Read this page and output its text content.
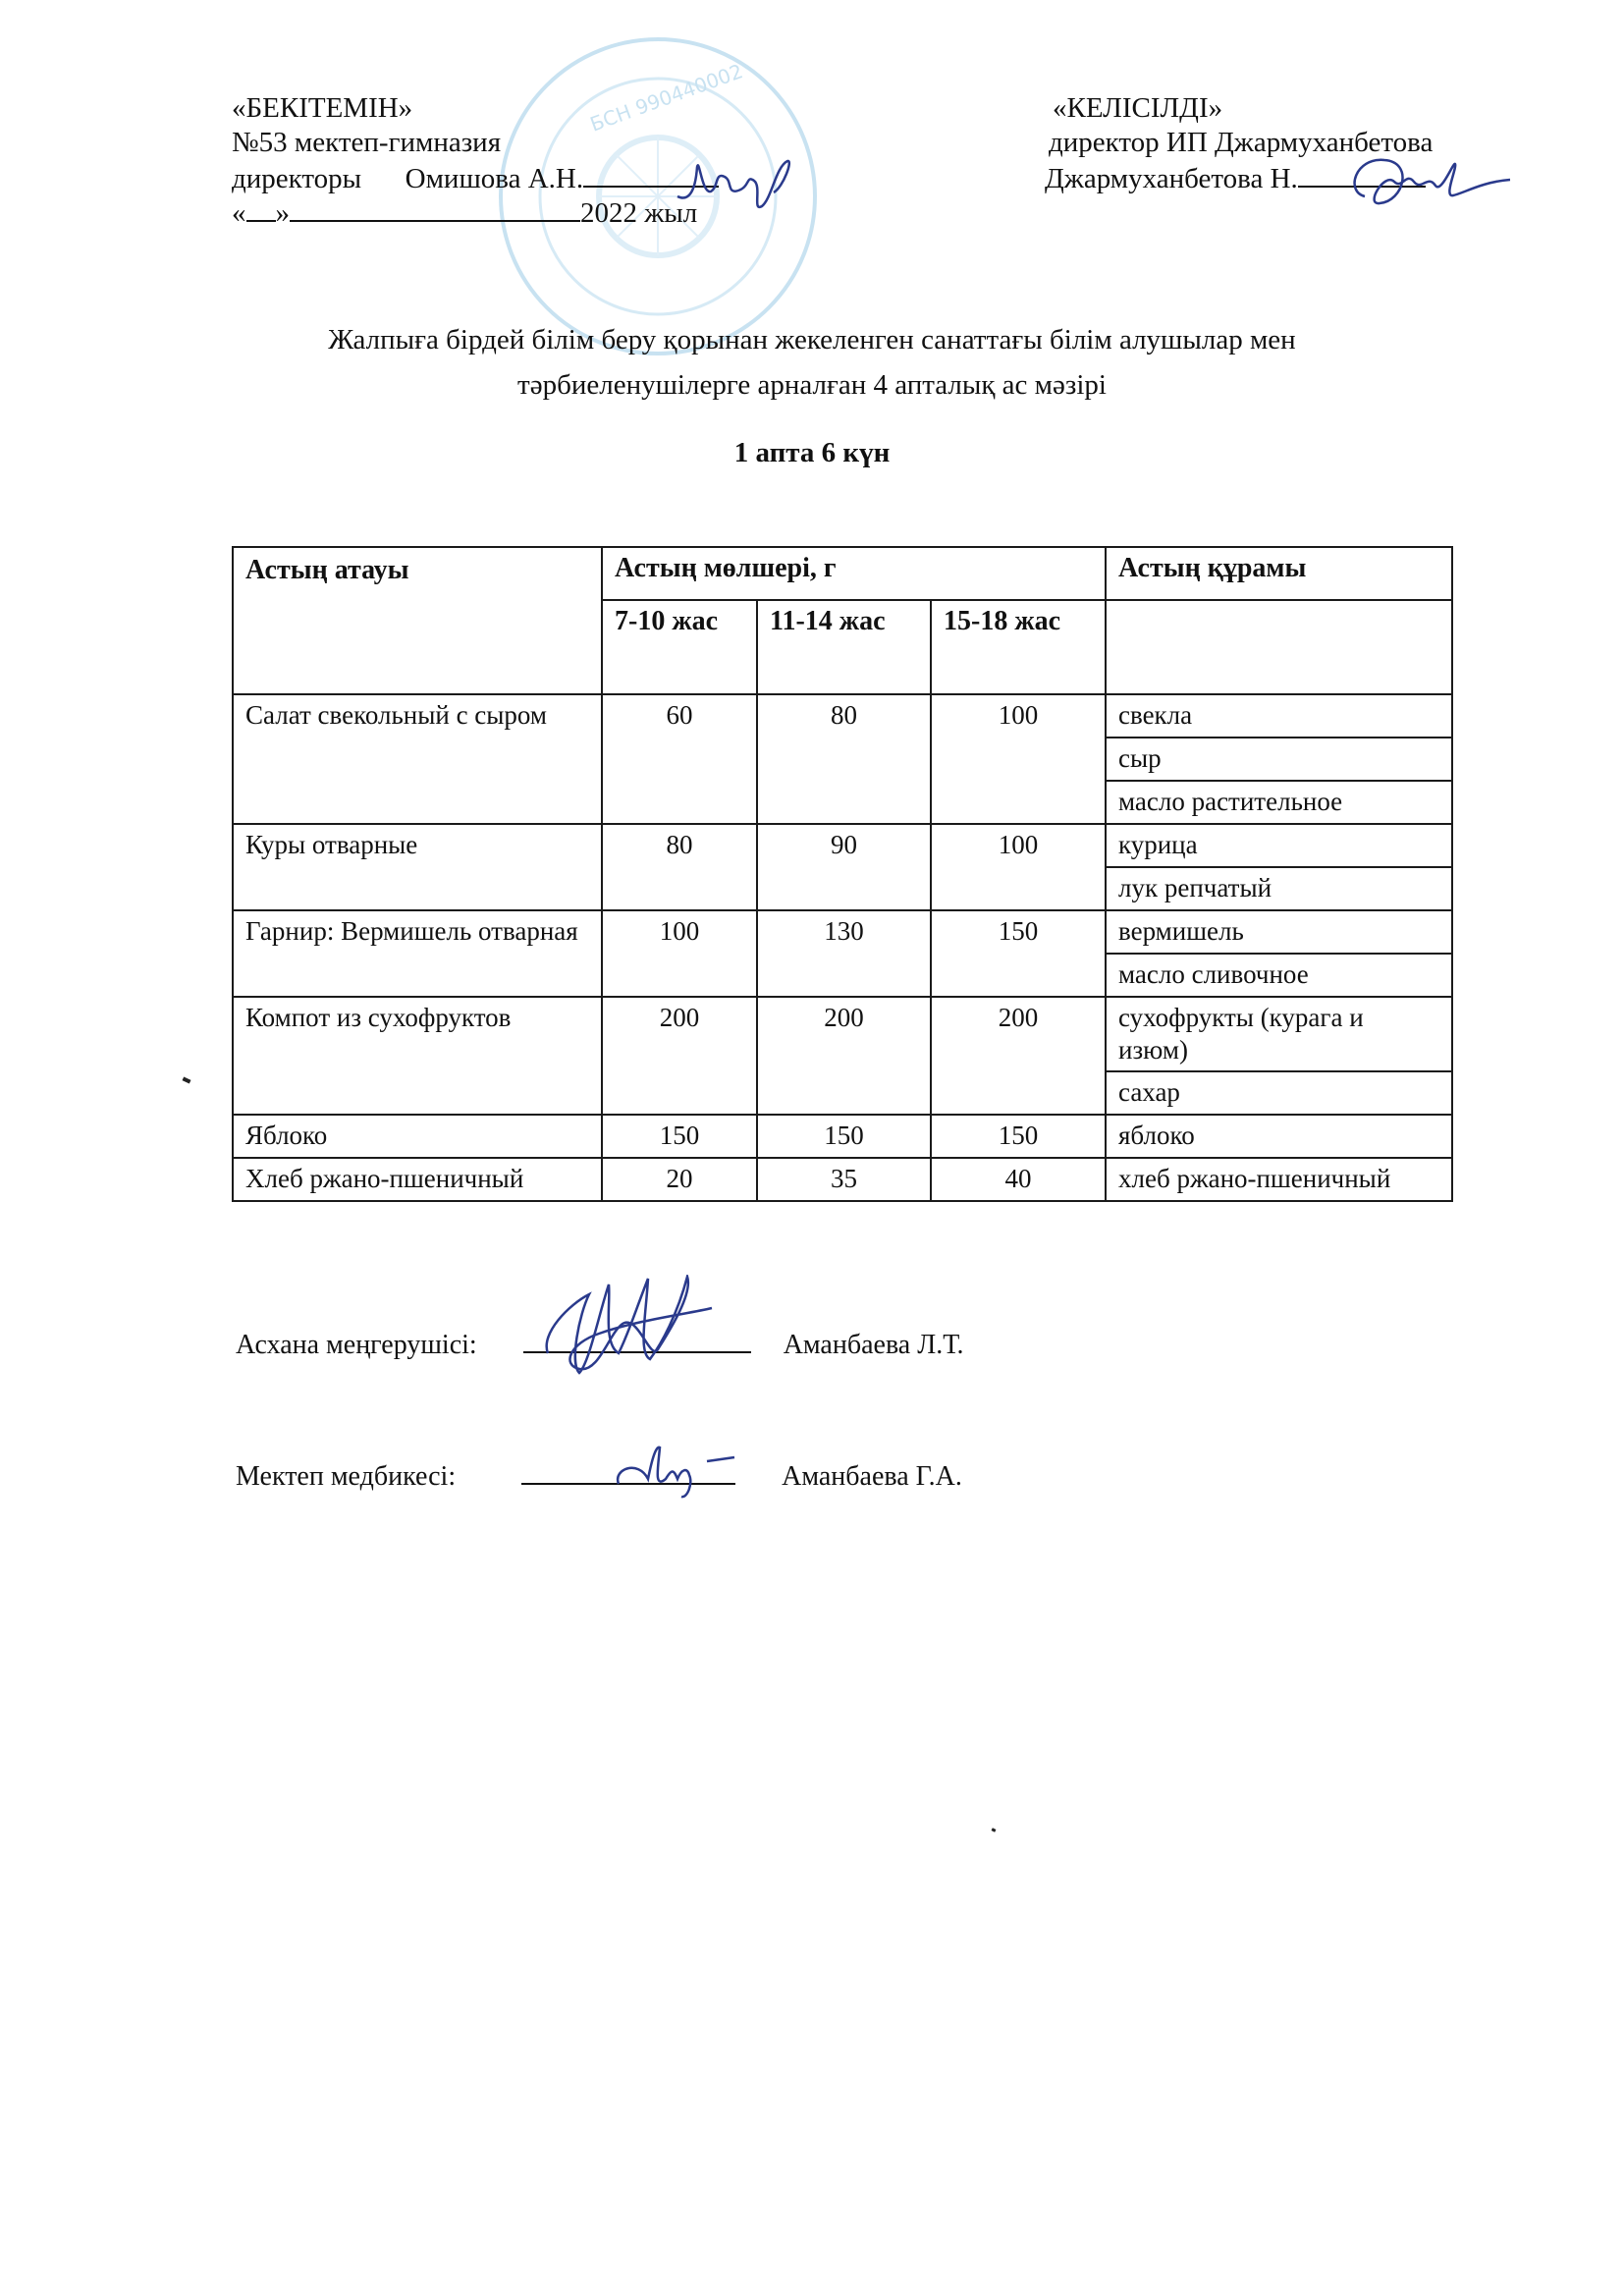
БСН 990440002
«БЕКІТЕМІН»
№53 мектеп-гимназия
директоры Омишова А.Н.
« »	2022 жыл
«КЕЛІСІЛДІ»
директор ИП Джармуханбетова
Джармуханбетова Н.
Жалпыға бірдей білім беру қорынан жекеленген санаттағы білім алушылар мен
тәрбиеленушілерге арналған 4 апталық ас мәзірі
1 апта 6 күн
Астың атауы	Астың мөлшері, г			Астың құрамы
	7-10 жас	11-14 жас	15-18 жас	
Салат свекольный с сыром	60	80	100	свекла
				сыр
				масло растительное
Куры отварные	80	90	100	курица
				лук репчатый
Гарнир: Вермишель отварная	100	130	150	вермишель
				масло сливочное
Компот из сухофруктов	200	200	200	сухофрукты (курага и изюм)
				сахар
Яблоко	150	150	150	яблоко
Хлеб ржано-пшеничный	20	35	40	хлеб ржано-пшеничный
Асхана меңгерушісі:	Аманбаева Л.Т.
Мектеп медбикесі:	Аманбаева Г.А.
